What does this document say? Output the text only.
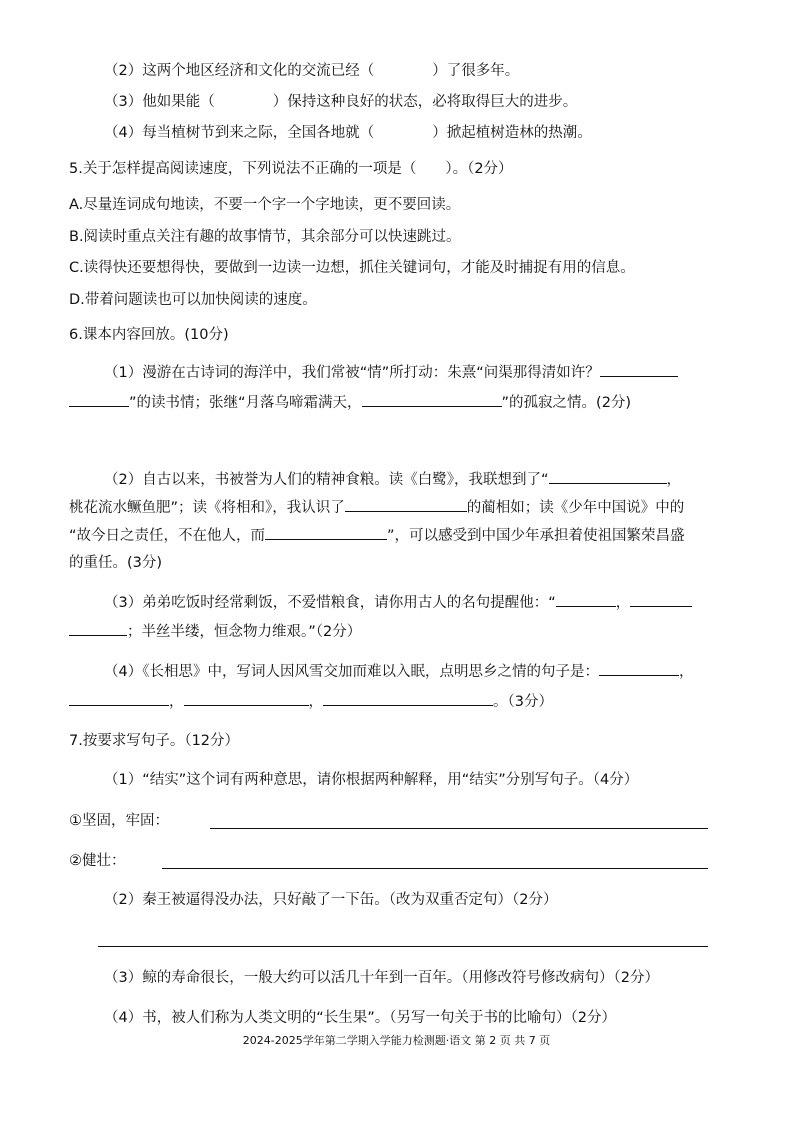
（2）这两个地区经济和文化的交流已经（　　　　）了很多年。
（3）他如果能（　　　　）保持这种良好的状态，必将取得巨大的进步。
（4）每当植树节到来之际，全国各地就（　　　　）掀起植树造林的热潮。
5.关于怎样提高阅读速度，下列说法不正确的一项是（　　）。（2分）
A.尽量连词成句地读，不要一个字一个字地读，更不要回读。
B.阅读时重点关注有趣的故事情节，其余部分可以快速跳过。
C.读得快还要想得快，要做到一边读一边想，抓住关键词句，才能及时捕捉有用的信息。
D.带着问题读也可以加快阅读的速度。
6.课本内容回放。(10分)
（1）漫游在古诗词的海洋中，我们常被“情”所打动：朱熹“问渠那得清如许？
”的读书情；张继“月落乌啼霜满天，	”的孤寂之情。(2分)
（2）自古以来，书被誉为人们的精神食粮。读《白鹭》，我联想到了“	，
桃花流水鳜鱼肥”；读《将相和》，我认识了	的蔺相如；读《少年中国说》中的
“故今日之责任，不在他人，而	”，可以感受到中国少年承担着使祖国繁荣昌盛
的重任。(3分)
（3）弟弟吃饭时经常剩饭，不爱惜粮食，请你用古人的名句提醒他：“	，
；半丝半缕，恒念物力维艰。”（2分）
（4）《长相思》中，写词人因风雪交加而难以入眠，点明思乡之情的句子是：	，
，	，	。（3分）
7.按要求写句子。（12分）
（1）“结实”这个词有两种意思，请你根据两种解释，用“结实”分别写句子。（4分）
①坚固，牢固：
②健壮：
（2）秦王被逼得没办法，只好敲了一下缶。（改为双重否定句）（2分）
（3）鲸的寿命很长，一般大约可以活几十年到一百年。（用修改符号修改病句）（2分）
（4）书，被人们称为人类文明的“长生果”。（另写一句关于书的比喻句）（2分）
2024-2025学年第二学期入学能力检测题·语文 第 2 页 共 7 页
